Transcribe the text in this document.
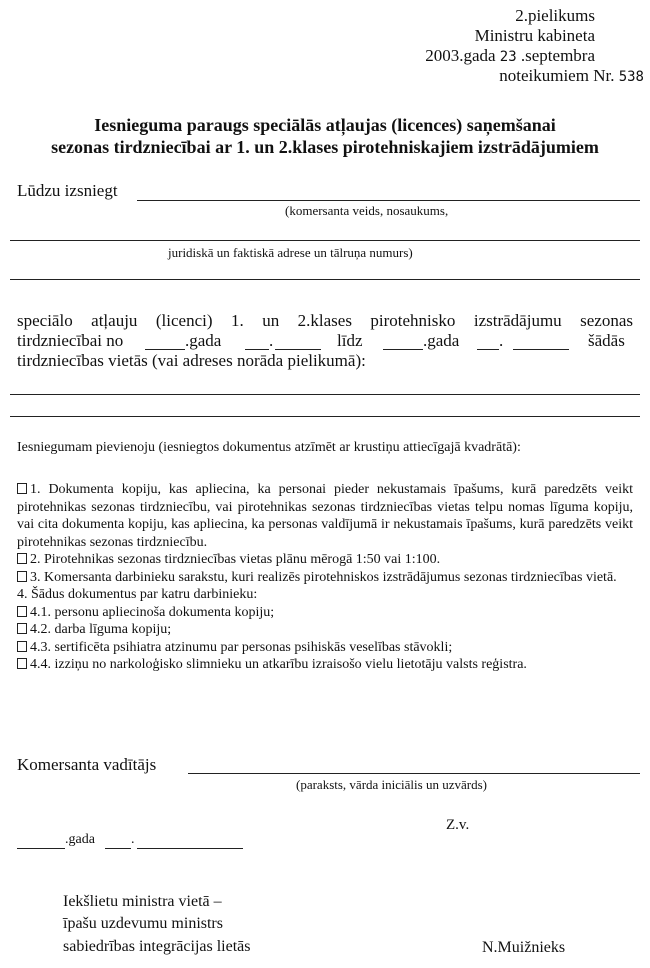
2.pielikums
Ministru kabineta
2003.gada 23 .septembra
noteikumiem Nr. 538
Iesnieguma paraugs speciālās atļaujas (licences) saņemšanai
sezonas tirdzniecībai ar 1. un 2.klases pirotehniskajiem izstrādājumiem
Lūdzu izsniegt
(komersanta veids, nosaukums,
juridiskā un faktiskā adrese un tālruņa numurs)
speciālo atļauju (licenci) 1. un 2.klases pirotehnisko izstrādājumu sezonas
tirdzniecībai no	.gada	.	līdz	.gada .	šādās
tirdzniecības vietās (vai adreses norāda pielikumā):
Iesniegumam pievienoju (iesniegtos dokumentus atzīmēt ar krustiņu attiecīgajā kvadrātā):

1. Dokumenta kopiju, kas apliecina, ka personai pieder nekustamais īpašums, kurā paredzēts veikt pirotehnikas sezonas tirdzniecību, vai pirotehnikas sezonas tirdzniecības vietas telpu nomas līguma kopiju, vai cita dokumenta kopiju, kas apliecina, ka personas valdījumā ir nekustamais īpašums, kurā paredzēts veikt pirotehnikas sezonas tirdzniecību.

2. Pirotehnikas sezonas tirdzniecības vietas plānu mērogā 1:50 vai 1:100.

3. Komersanta darbinieku sarakstu, kuri realizēs pirotehniskos izstrādājumus sezonas tirdzniecības vietā.

4. Šādus dokumentus par katru darbinieku:

4.1. personu apliecinoša dokumenta kopiju;

4.2. darba līguma kopiju;

4.3. sertificēta psihiatra atzinumu par personas psihiskās veselības stāvokli;

4.4. izziņu no narkoloģisko slimnieku un atkarību izraisošo vielu lietotāju valsts reģistra.

Komersanta vadītājs
(paraksts, vārda iniciālis un uzvārds)
Z.v.
.gada	.
Iekšlietu ministra vietā –
īpašu uzdevumu ministrs
sabiedrības integrācijas lietās	N.Muižnieks
